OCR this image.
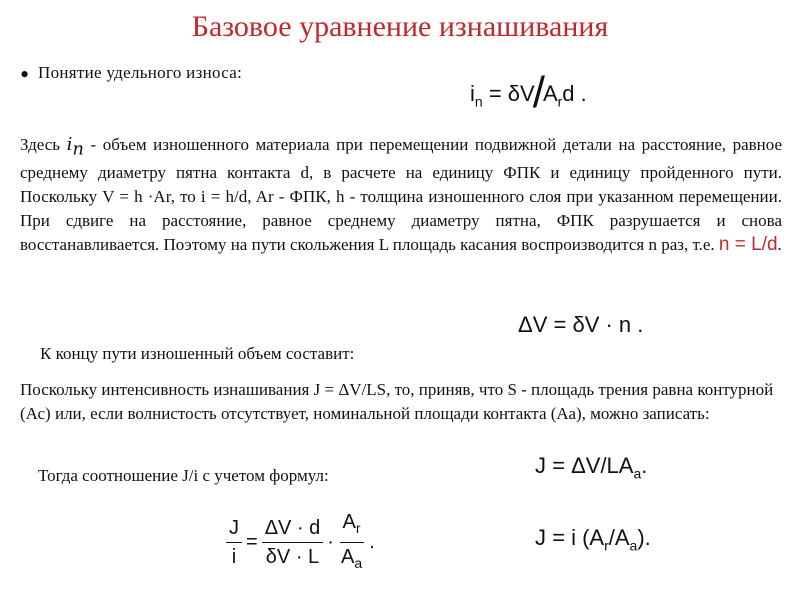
Базовое уравнение изнашивания
• Понятие удельного износа:
$i_n = \delta V/A_rd$ .
Здесь $i_n$ - объем изношенного материала при перемещении подвижной детали на расстояние, равное среднему диаметру пятна контакта d, в расчете на единицу ФПК и единицу пройденного пути. Поскольку V = h ·Ar, то i = h/d, Ar - ФПК, h - толщина изношенного слоя при указанном перемещении. При сдвиге на расстояние, равное среднему диаметру пятна, ФПК разрушается и снова восстанавливается. Поэтому на пути скольжения L площадь касания воспроизводится n раз, т.е. n = L/d.
ΔV = δV · n .
К концу пути изношенный объем составит:
Поскольку интенсивность изнашивания J = ΔV/LS, то, приняв, что S - площадь трения равна контурной (Ас) или, если волнистость отсутствует, номинальной площади контакта (Аа), можно записать:
$J = \Delta V/LA_a$.
Тогда соотношение J/i с учетом формул:
$\frac{J}{i} = \frac{\Delta V \cdot d}{\delta V \cdot L} \cdot \frac{A_r}{A_a}$ .	J = i $(A_r/A_a)$.
